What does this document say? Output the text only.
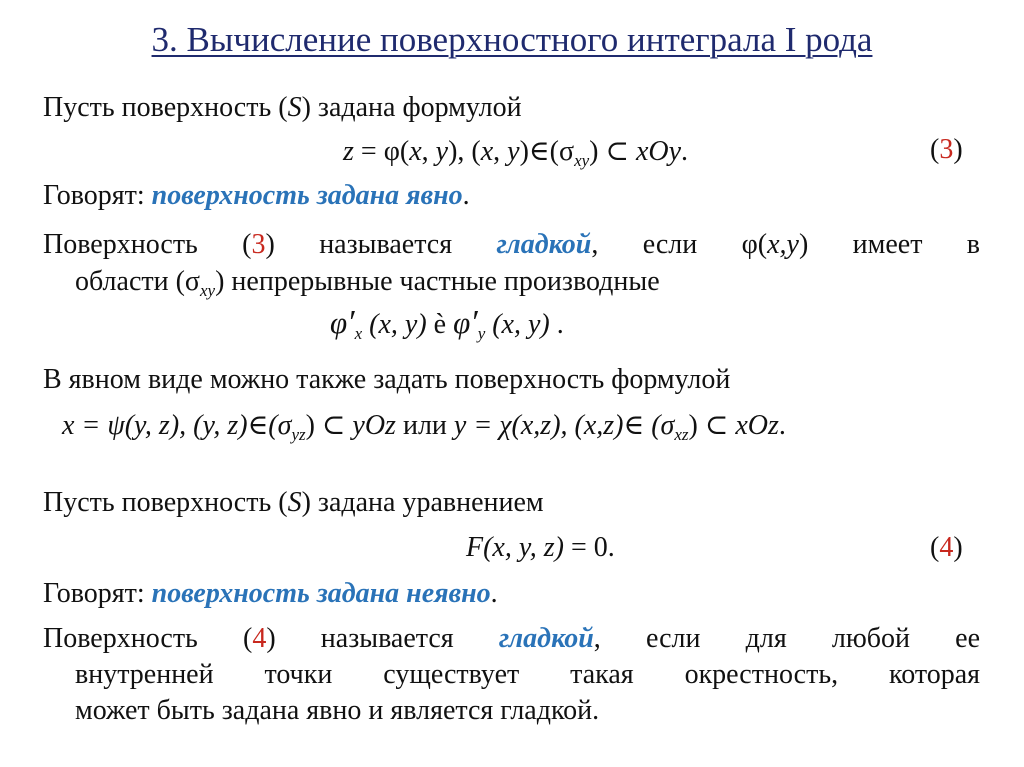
3. Вычисление поверхностного интеграла I рода
Пусть поверхность (S) задана формулой
z = φ(x, y), (x, $y)\in(\sigma_{xy})$ ⊂ xOy.	(3)
Говорят: поверхность задана явно.
Поверхность (3) называется гладкой, если φ(x,y) имеет в
области $(\sigma_{xy})$ непрерывные частные производные
$\varphi'_x$ (x, y) è $\varphi'_y$ (x, y) .
В явном виде можно также задать поверхность формулой
x = ψ(y, z), (y, $z)\in(\sigma_{yz})$ ⊂ yOz или y = χ(x,z), (x,z)∈ $(\sigma_{xz})$ ⊂ xOz.
Пусть поверхность (S) задана уравнением
F(x, y, z) = 0.	(4)
Говорят: поверхность задана неявно.
Поверхность (4) называется гладкой, если для любой ее
внутренней точки существует такая окрестность, которая
может быть задана явно и является гладкой.
